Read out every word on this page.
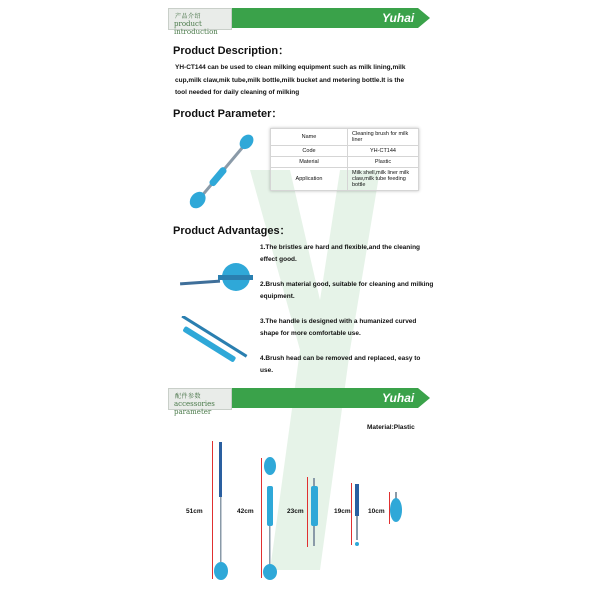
产品介绍
product introduction
Yuhai 宇海畜牧
Product Description：
YH-CT144 can be used to clean milking equipment such as milk lining,milk cup,milk claw,mik tube,milk bottle,milk bucket and metering bottle.It is the tool needed for daily cleaning of milking
Product Parameter：
Name	Cleaning brush for milk liner
Code	YH-CT144
Material	Plastic
Application	Milk shell,milk liner milk claw,milk tube feeding bottle
Product Advantages：
1.The bristles are hard and flexible,and the cleaning effect good.
2.Brush material good, suitable for cleaning and milking equipment.
3.The handle is designed with a humanized curved shape for more comfortable use.
4.Brush head can be removed and replaced, easy to use.
配件参数
accessories parameter
Yuhai 宇海畜牧
Material:Plastic
51cm	42cm	23cm	19cm	10cm
